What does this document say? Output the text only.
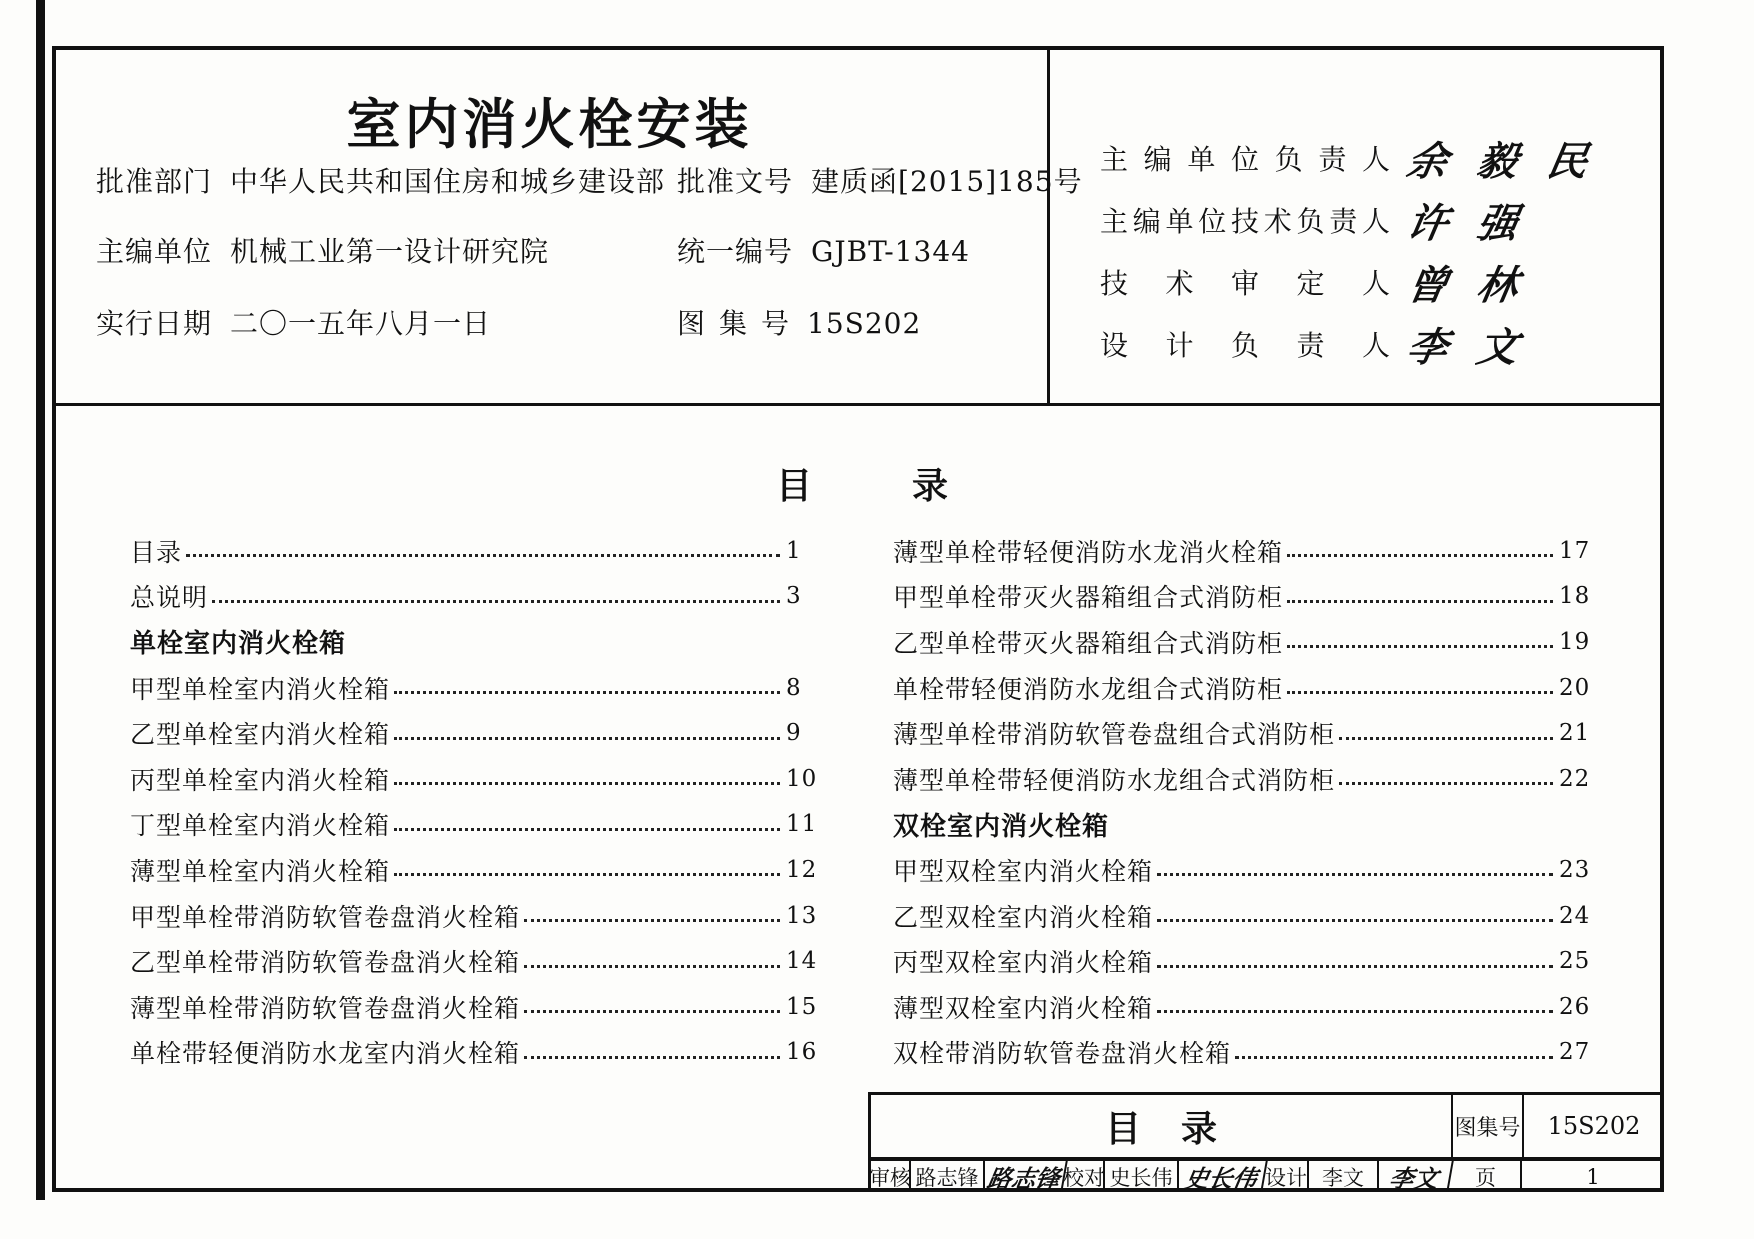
室内消火栓安装
批准部门 中华人民共和国住房和城乡建设部 批准文号 建质函[2015]185号
主编单位 机械工业第一设计研究院	统一编号 GJBT-1344
实行日期 二〇一五年八月一日	图集号 15S202
主编单位负责人 余毅民
主编单位技术负责人 许强
技术审定人 曾林
设计负责人 李文
目	录
目录	1
总说明	3
单栓室内消火栓箱
甲型单栓室内消火栓箱	8
乙型单栓室内消火栓箱	9
丙型单栓室内消火栓箱	10
丁型单栓室内消火栓箱	11
薄型单栓室内消火栓箱	12
甲型单栓带消防软管卷盘消火栓箱	13
乙型单栓带消防软管卷盘消火栓箱	14
薄型单栓带消防软管卷盘消火栓箱	15
单栓带轻便消防水龙室内消火栓箱	16
薄型单栓带轻便消防水龙消火栓箱	17
甲型单栓带灭火器箱组合式消防柜	18
乙型单栓带灭火器箱组合式消防柜	19
单栓带轻便消防水龙组合式消防柜	20
薄型单栓带消防软管卷盘组合式消防柜	21
薄型单栓带轻便消防水龙组合式消防柜	22
双栓室内消火栓箱
甲型双栓室内消火栓箱	23
乙型双栓室内消火栓箱	24
丙型双栓室内消火栓箱	25
薄型双栓室内消火栓箱	26
双栓带消防软管卷盘消火栓箱	27
目录	图集号	15S202
审核 路志锋 路志锋 校对 史长伟 史长伟 设计 李文 李文	页	1
